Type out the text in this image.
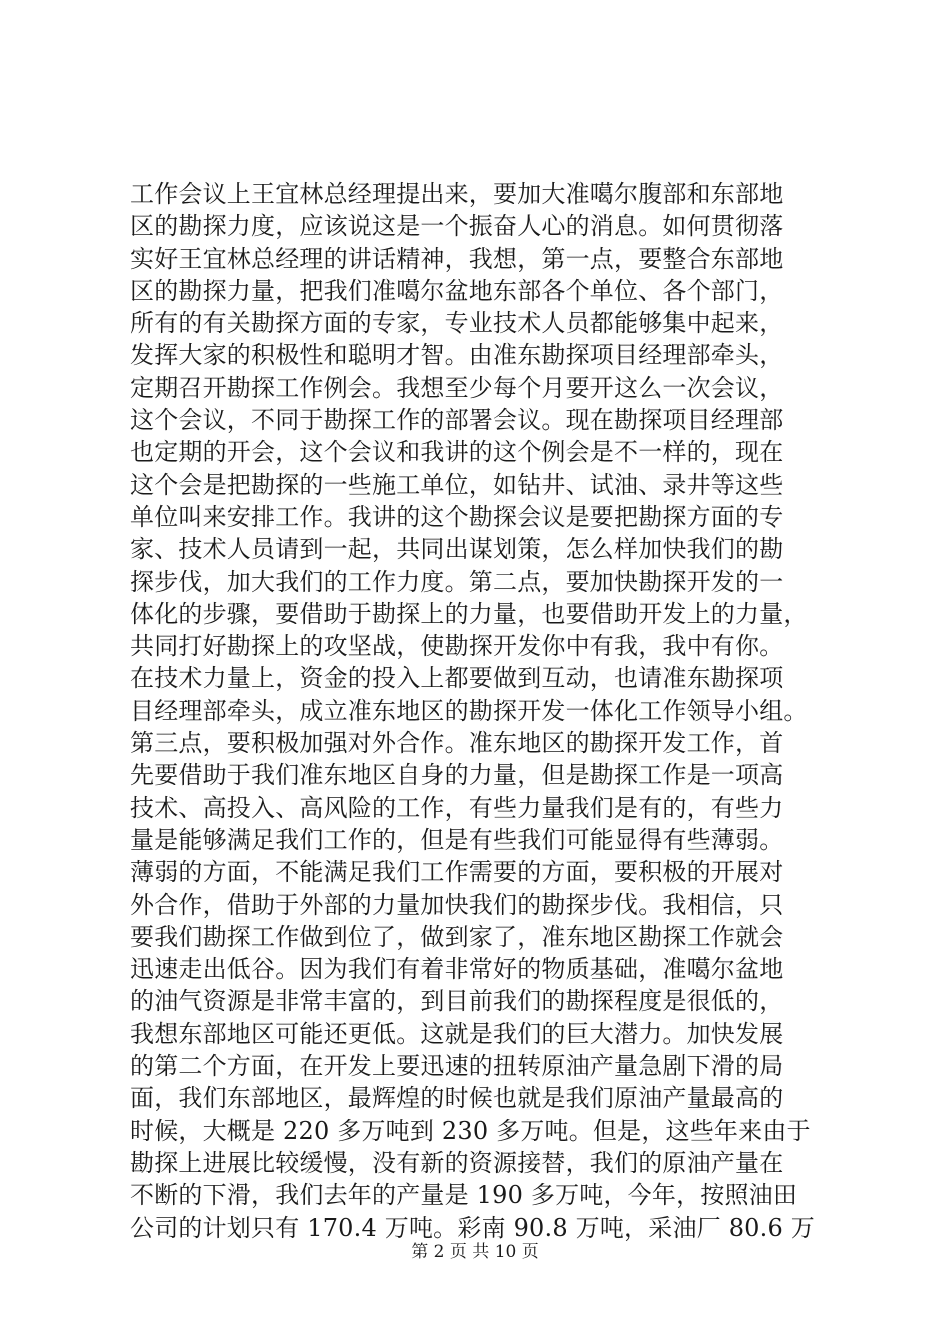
工作会议上王宜林总经理提出来，要加大准噶尔腹部和东部地
区的勘探力度，应该说这是一个振奋人心的消息。如何贯彻落
实好王宜林总经理的讲话精神，我想，第一点，要整合东部地
区的勘探力量，把我们准噶尔盆地东部各个单位、各个部门，
所有的有关勘探方面的专家，专业技术人员都能够集中起来，
发挥大家的积极性和聪明才智。由准东勘探项目经理部牵头，
定期召开勘探工作例会。我想至少每个月要开这么一次会议，
这个会议，不同于勘探工作的部署会议。现在勘探项目经理部
也定期的开会，这个会议和我讲的这个例会是不一样的，现在
这个会是把勘探的一些施工单位，如钻井、试油、录井等这些
单位叫来安排工作。我讲的这个勘探会议是要把勘探方面的专
家、技术人员请到一起，共同出谋划策，怎么样加快我们的勘
探步伐，加大我们的工作力度。第二点，要加快勘探开发的一
体化的步骤，要借助于勘探上的力量，也要借助开发上的力量，
共同打好勘探上的攻坚战，使勘探开发你中有我，我中有你。
在技术力量上，资金的投入上都要做到互动，也请准东勘探项
目经理部牵头，成立准东地区的勘探开发一体化工作领导小组。
第三点，要积极加强对外合作。准东地区的勘探开发工作，首
先要借助于我们准东地区自身的力量，但是勘探工作是一项高
技术、高投入、高风险的工作，有些力量我们是有的，有些力
量是能够满足我们工作的，但是有些我们可能显得有些薄弱。
薄弱的方面，不能满足我们工作需要的方面，要积极的开展对
外合作，借助于外部的力量加快我们的勘探步伐。我相信，只
要我们勘探工作做到位了，做到家了，准东地区勘探工作就会
迅速走出低谷。因为我们有着非常好的物质基础，准噶尔盆地
的油气资源是非常丰富的，到目前我们的勘探程度是很低的，
我想东部地区可能还更低。这就是我们的巨大潜力。加快发展
的第二个方面，在开发上要迅速的扭转原油产量急剧下滑的局
面，我们东部地区，最辉煌的时候也就是我们原油产量最高的
时候，大概是 220 多万吨到 230 多万吨。但是，这些年来由于
勘探上进展比较缓慢，没有新的资源接替，我们的原油产量在
不断的下滑，我们去年的产量是 190 多万吨，今年，按照油田
公司的计划只有 170.4 万吨。彩南 90.8 万吨，采油厂 80.6 万
第 2 页 共 10 页
